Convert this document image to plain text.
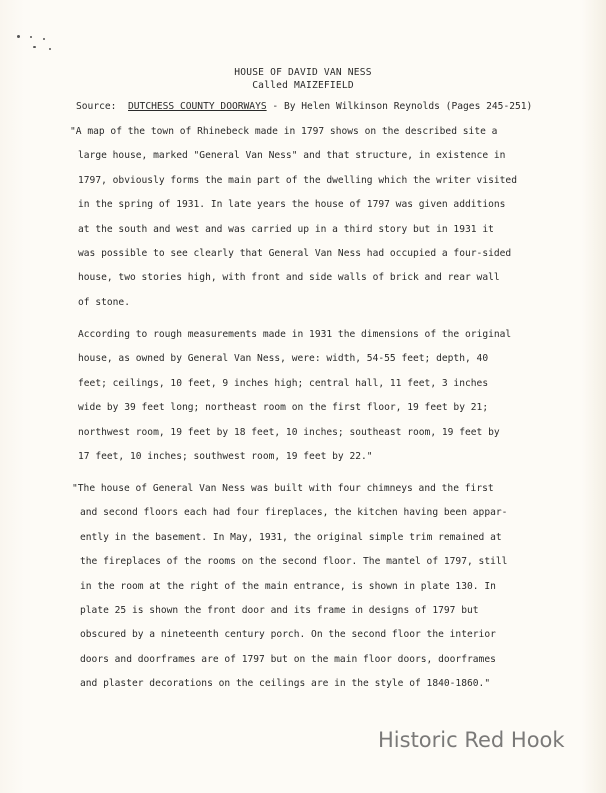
HOUSE OF DAVID VAN NESS
Called MAIZEFIELD
Source: DUTCHESS COUNTY DOORWAYS - By Helen Wilkinson Reynolds (Pages 245-251)
"A map of the town of Rhinebeck made in 1797 shows on the described site a
large house, marked "General Van Ness" and that structure, in existence in
1797, obviously forms the main part of the dwelling which the writer visited
in the spring of 1931. In late years the house of 1797 was given additions
at the south and west and was carried up in a third story but in 1931 it
was possible to see clearly that General Van Ness had occupied a four-sided
house, two stories high, with front and side walls of brick and rear wall
of stone.
According to rough measurements made in 1931 the dimensions of the original
house, as owned by General Van Ness, were: width, 54-55 feet; depth, 40
feet; ceilings, 10 feet, 9 inches high; central hall, 11 feet, 3 inches
wide by 39 feet long; northeast room on the first floor, 19 feet by 21;
northwest room, 19 feet by 18 feet, 10 inches; southeast room, 19 feet by
17 feet, 10 inches; southwest room, 19 feet by 22."
"The house of General Van Ness was built with four chimneys and the first
and second floors each had four fireplaces, the kitchen having been appar-
ently in the basement. In May, 1931, the original simple trim remained at
the fireplaces of the rooms on the second floor. The mantel of 1797, still
in the room at the right of the main entrance, is shown in plate 130. In
plate 25 is shown the front door and its frame in designs of 1797 but
obscured by a nineteenth century porch. On the second floor the interior
doors and doorframes are of 1797 but on the main floor doors, doorframes
and plaster decorations on the ceilings are in the style of 1840-1860."
Historic Red Hook
